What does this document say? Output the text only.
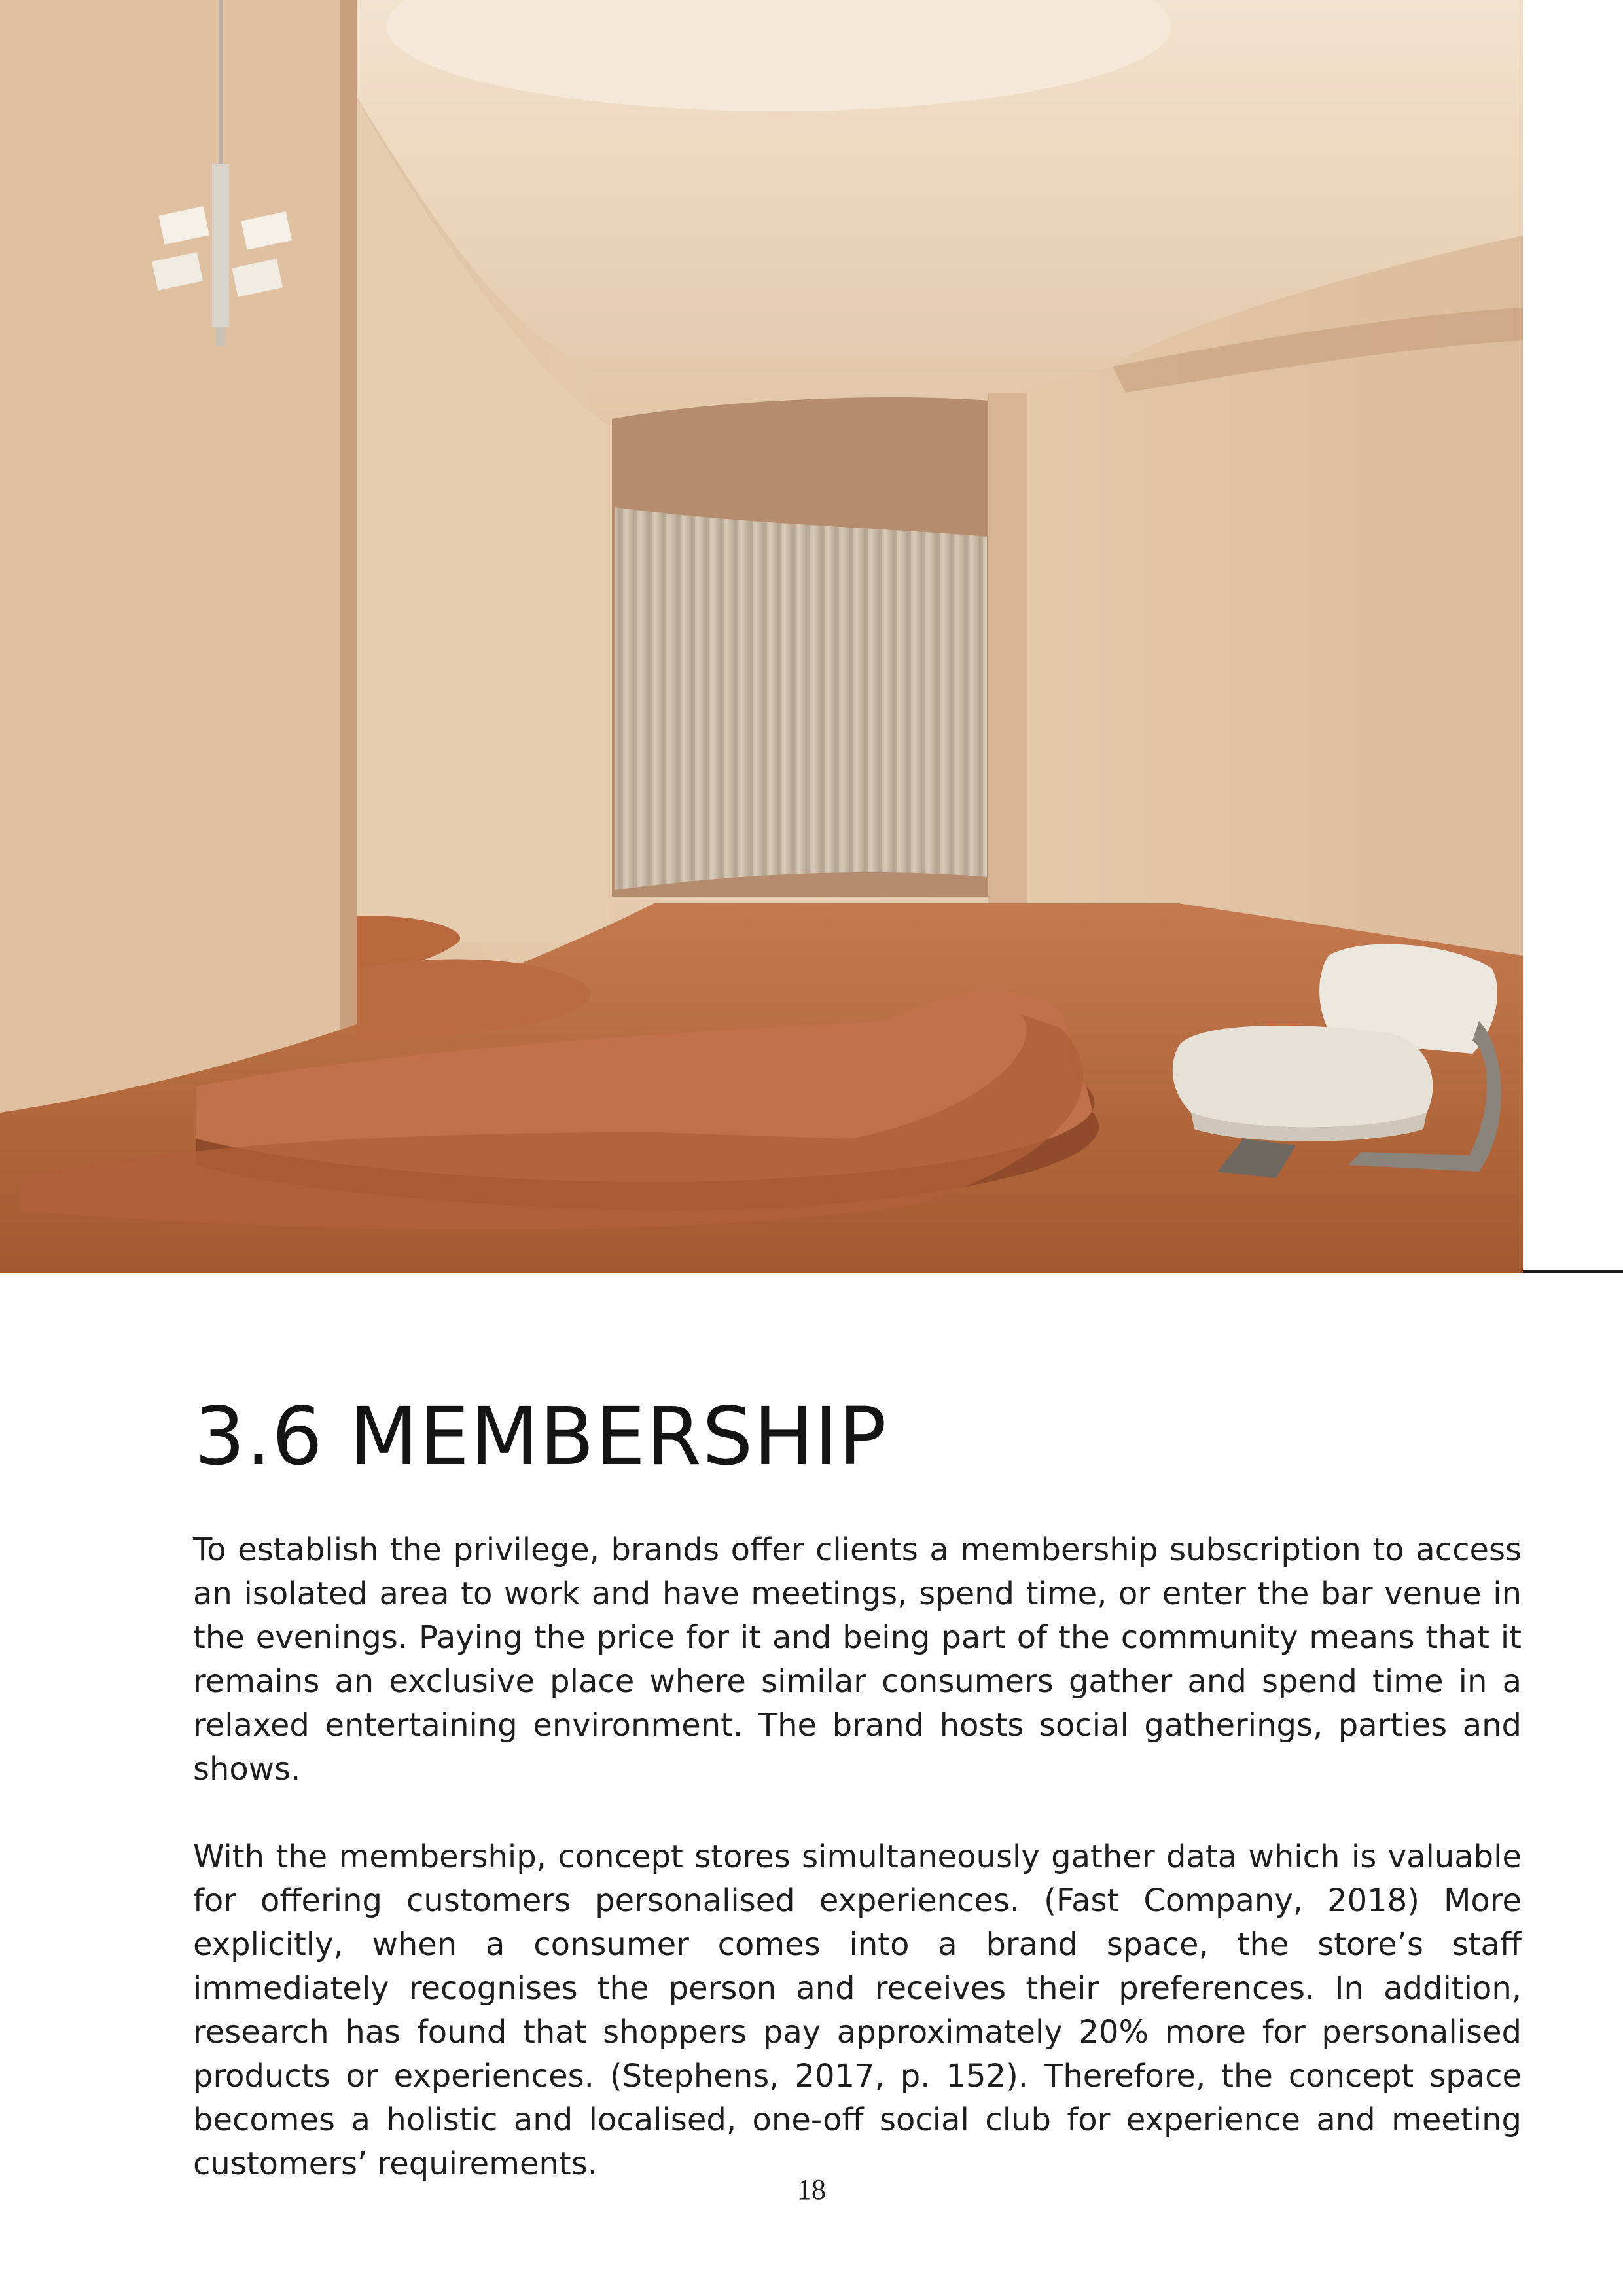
3.6 MEMBERSHIP

To establish the privilege, brands offer clients a membership subscription to access an isolated area to work and have meetings, spend time, or enter the bar venue in the evenings. Paying the price for it and being part of the community means that it remains an exclusive place where similar consumers gather and spend time in a relaxed entertaining environment. The brand hosts social gatherings, parties and shows.

With the membership, concept stores simultaneously gather data which is valuable for offering customers personalised experiences. (Fast Company, 2018) More explicitly, when a consumer comes into a brand space, the store’s staff immediately recognises the person and receives their preferences. In addition, research has found that shoppers pay approximately 20% more for personalised products or experiences. (Stephens, 2017, p. 152). Therefore, the concept space becomes a holistic and localised, one-off social club for experience and meeting customers’ requirements.

18
